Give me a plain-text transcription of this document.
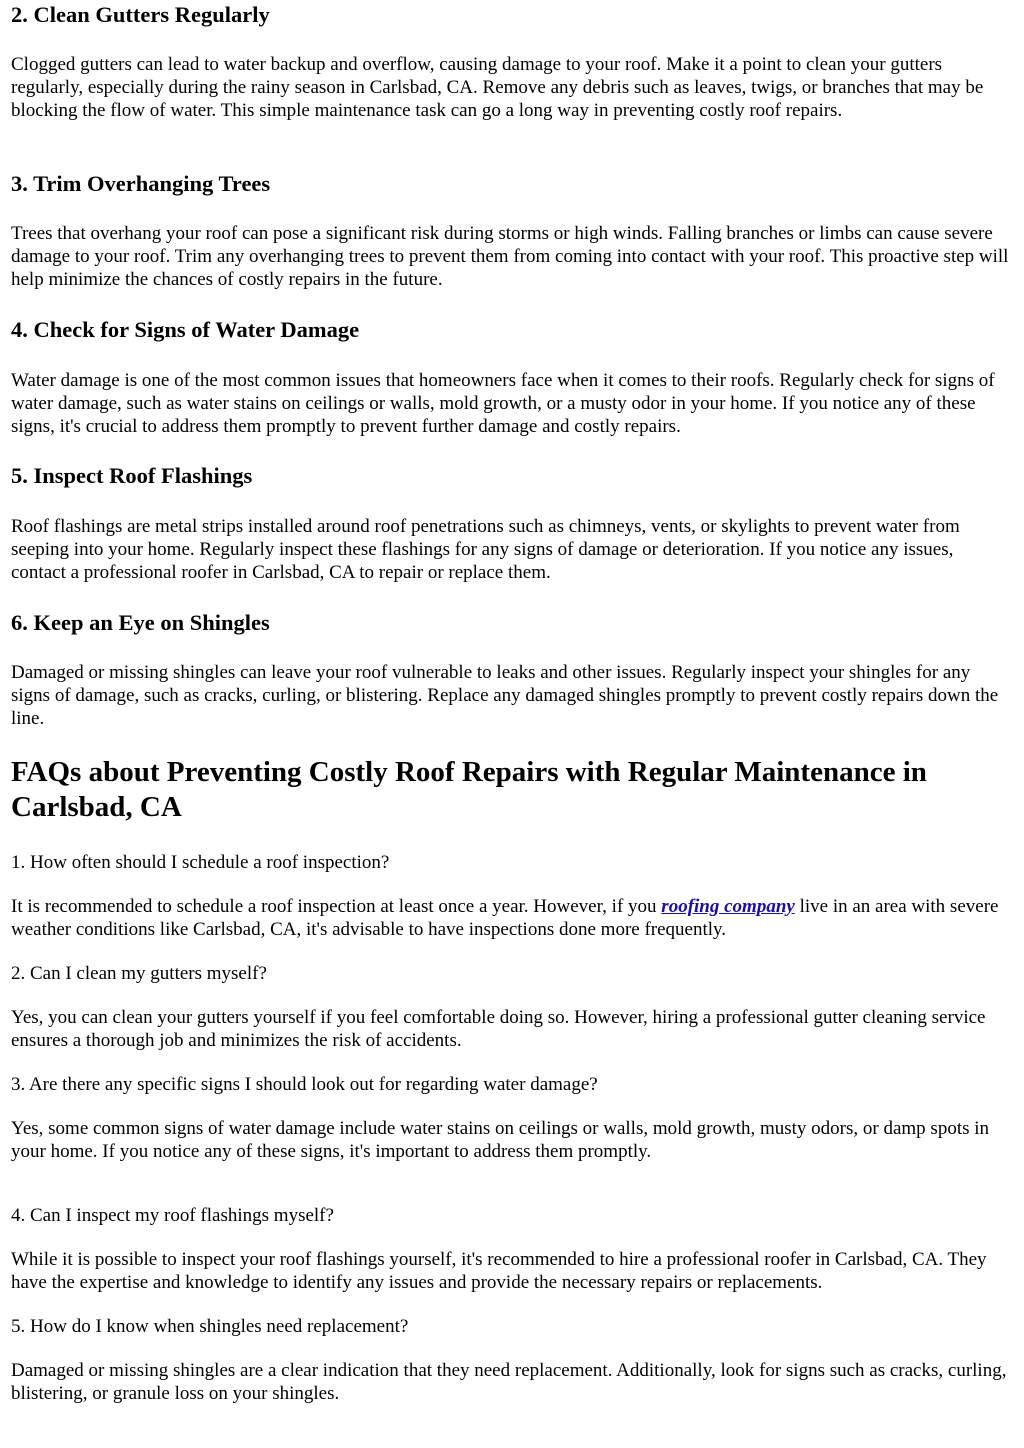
2. Clean Gutters Regularly

Clogged gutters can lead to water backup and overflow, causing damage to your roof. Make it a point to clean your gutters regularly, especially during the rainy season in Carlsbad, CA. Remove any debris such as leaves, twigs, or branches that may be blocking the flow of water. This simple maintenance task can go a long way in preventing costly roof repairs.

3. Trim Overhanging Trees

Trees that overhang your roof can pose a significant risk during storms or high winds. Falling branches or limbs can cause severe damage to your roof. Trim any overhanging trees to prevent them from coming into contact with your roof. This proactive step will help minimize the chances of costly repairs in the future.

4. Check for Signs of Water Damage

Water damage is one of the most common issues that homeowners face when it comes to their roofs. Regularly check for signs of water damage, such as water stains on ceilings or walls, mold growth, or a musty odor in your home. If you notice any of these signs, it's crucial to address them promptly to prevent further damage and costly repairs.

5. Inspect Roof Flashings

Roof flashings are metal strips installed around roof penetrations such as chimneys, vents, or skylights to prevent water from seeping into your home. Regularly inspect these flashings for any signs of damage or deterioration. If you notice any issues, contact a professional roofer in Carlsbad, CA to repair or replace them.

6. Keep an Eye on Shingles

Damaged or missing shingles can leave your roof vulnerable to leaks and other issues. Regularly inspect your shingles for any signs of damage, such as cracks, curling, or blistering. Replace any damaged shingles promptly to prevent costly repairs down the line.

FAQs about Preventing Costly Roof Repairs with Regular Maintenance in Carlsbad, CA

1. How often should I schedule a roof inspection?

It is recommended to schedule a roof inspection at least once a year. However, if you roofing company live in an area with severe weather conditions like Carlsbad, CA, it's advisable to have inspections done more frequently.

2. Can I clean my gutters myself?

Yes, you can clean your gutters yourself if you feel comfortable doing so. However, hiring a professional gutter cleaning service ensures a thorough job and minimizes the risk of accidents.

3. Are there any specific signs I should look out for regarding water damage?

Yes, some common signs of water damage include water stains on ceilings or walls, mold growth, musty odors, or damp spots in your home. If you notice any of these signs, it's important to address them promptly.

4. Can I inspect my roof flashings myself?

While it is possible to inspect your roof flashings yourself, it's recommended to hire a professional roofer in Carlsbad, CA. They have the expertise and knowledge to identify any issues and provide the necessary repairs or replacements.

5. How do I know when shingles need replacement?

Damaged or missing shingles are a clear indication that they need replacement. Additionally, look for signs such as cracks, curling, blistering, or granule loss on your shingles.
